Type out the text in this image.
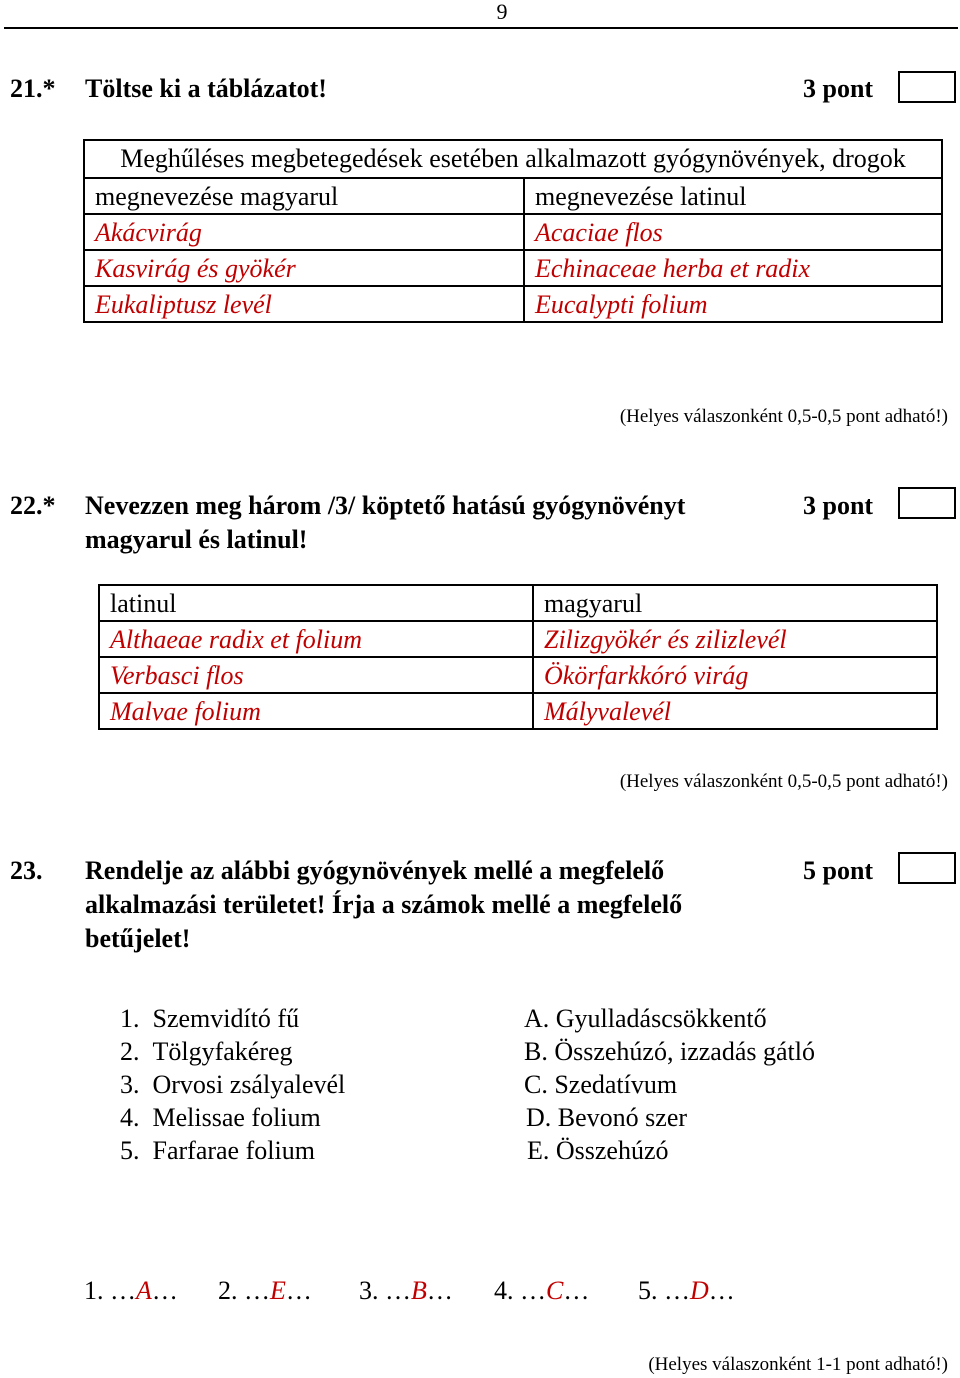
9
21.* Töltse ki a táblázatot!	3 pont
Meghűléses megbetegedések esetében alkalmazott gyógynövények, drogok	
megnevezése magyarul	megnevezése latinul
Akácvirág	Acaciae flos
Kasvirág és gyökér	Echinaceae herba et radix
Eukaliptusz levél	Eucalypti folium
(Helyes válaszonként 0,5-0,5 pont adható!)
22.* Nevezzen meg három /3/ köptető hatású gyógynövényt
magyarul és latinul!
3 pont
latinul	magyarul
Althaeae radix et folium	Zilizgyökér és zilizlevél
Verbasci flos	Ökörfarkkóró virág
Malvae folium	Mályvalevél
(Helyes válaszonként 0,5-0,5 pont adható!)
23. Rendelje az alábbi gyógynövények mellé a megfelelő
alkalmazási területet! Írja a számok mellé a megfelelő
betűjelet!
5 pont
1. Szemvidító fű
2. Tölgyfakéreg
3. Orvosi zsályalevél
4. Melissae folium
5. Farfarae folium
A. Gyulladáscsökkentő
B. Összehúzó, izzadás gátló
C. Szedatívum
D. Bevonó szer
E. Összehúzó
1. …A… 2. …E… 3. …B… 4. …C… 5. …D…
(Helyes válaszonként 1-1 pont adható!)
